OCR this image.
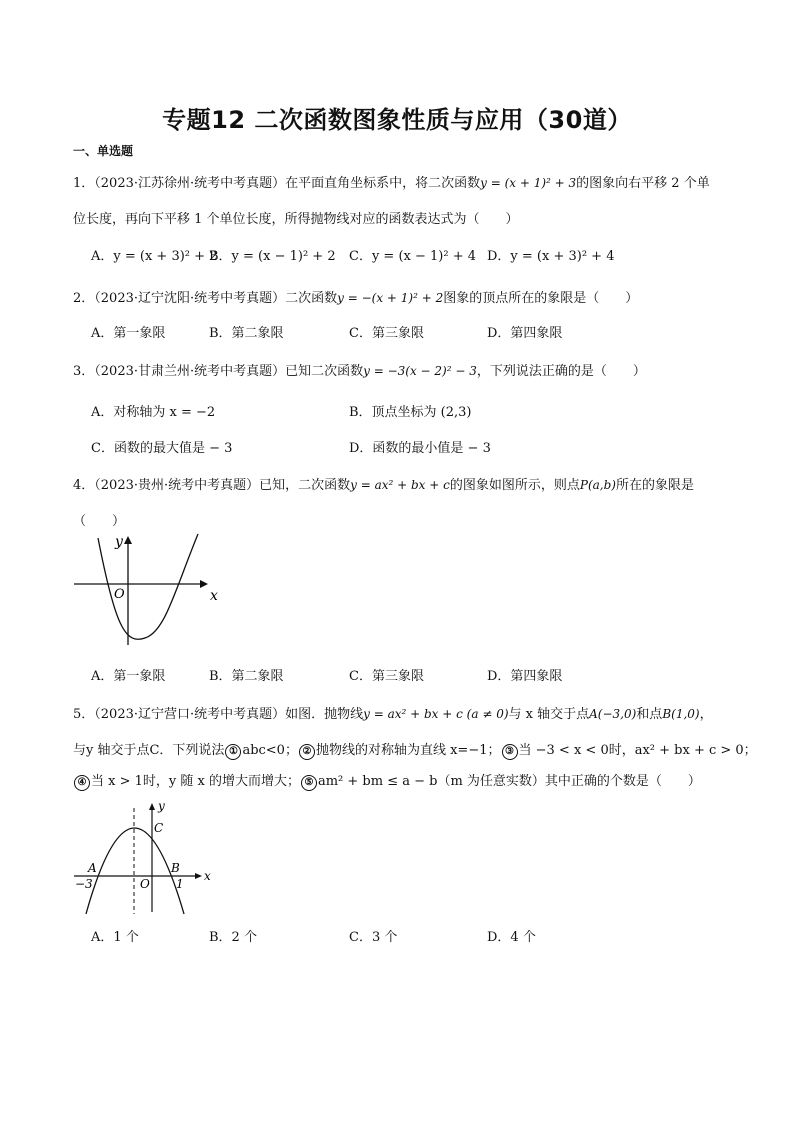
专题12 二次函数图象性质与应用（30道）
一、单选题
1．（2023·江苏徐州·统考中考真题）在平面直角坐标系中，将二次函数y = (x + 1)² + 3的图象向右平移 2 个单
位长度，再向下平移 1 个单位长度，所得抛物线对应的函数表达式为（　　）
A．y = (x + 3)² + 2
B．y = (x − 1)² + 2 C．y = (x − 1)² + 4 D．y = (x + 3)² + 4
2．（2023·辽宁沈阳·统考中考真题）二次函数y = −(x + 1)² + 2图象的顶点所在的象限是（　　）
A．第一象限	B．第二象限	C．第三象限	D．第四象限
3．（2023·甘肃兰州·统考中考真题）已知二次函数y = −3(x − 2)² − 3，下列说法正确的是（　　）
A．对称轴为 x = −2	B．顶点坐标为 (2,3)
C．函数的最大值是 − 3	D．函数的最小值是 − 3
4．（2023·贵州·统考中考真题）已知，二次函数y = ax² + bx + c的图象如图所示，则点P(a,b)所在的象限是
（　　）
y
x
O
A．第一象限	B．第二象限	C．第三象限	D．第四象限
5．（2023·辽宁营口·统考中考真题）如图．抛物线y = ax² + bx + c (a ≠ 0)与 x 轴交于点A(−3,0)和点B(1,0)，
与y 轴交于点C．下列说法 ① abc<0； ② 抛物线的对称轴为直线 x=−1； ③ 当 −3 < x < 0时，ax² + bx + c > 0；
④ 当 x > 1时，y 随 x 的增大而增大； ⑤ am² + bm ≤ a − b（m 为任意实数）其中正确的个数是（　　）
y
x
C
A	B
O
−3	1
A．1 个	B．2 个	C．3 个	D．4 个
